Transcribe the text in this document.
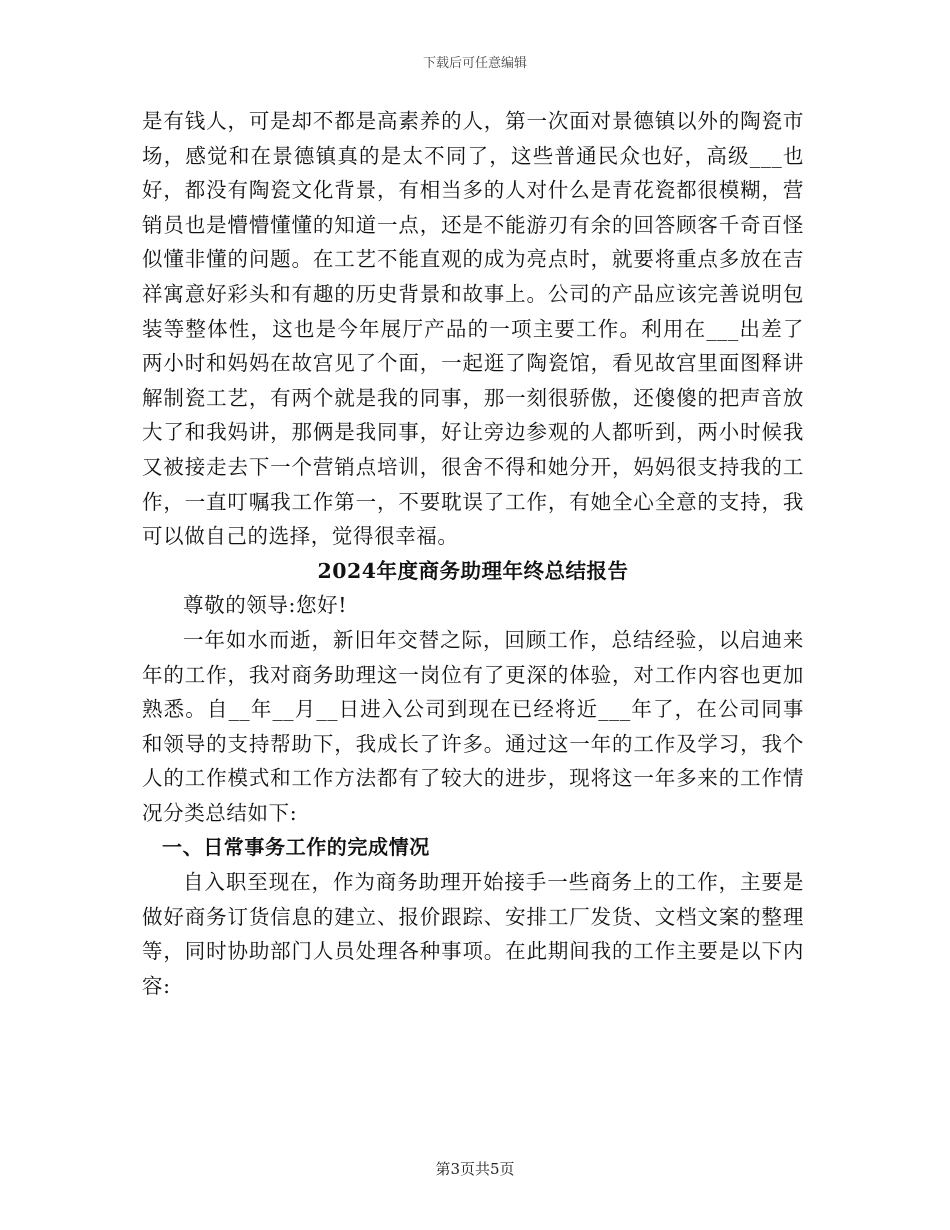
下载后可任意编辑

是有钱人，可是却不都是高素养的人，第一次面对景德镇以外的陶瓷市场，感觉和在景德镇真的是太不同了，这些普通民众也好，高级___也好，都没有陶瓷文化背景，有相当多的人对什么是青花瓷都很模糊，营销员也是懵懵懂懂的知道一点，还是不能游刃有余的回答顾客千奇百怪似懂非懂的问题。在工艺不能直观的成为亮点时，就要将重点多放在吉祥寓意好彩头和有趣的历史背景和故事上。公司的产品应该完善说明包装等整体性，这也是今年展厅产品的一项主要工作。利用在___出差了两小时和妈妈在故宫见了个面，一起逛了陶瓷馆，看见故宫里面图释讲解制瓷工艺，有两个就是我的同事，那一刻很骄傲，还傻傻的把声音放大了和我妈讲，那俩是我同事，好让旁边参观的人都听到，两小时候我又被接走去下一个营销点培训，很舍不得和她分开，妈妈很支持我的工作，一直叮嘱我工作第一，不要耽误了工作，有她全心全意的支持，我可以做自己的选择，觉得很幸福。

2024年度商务助理年终总结报告

尊敬的领导:您好!

一年如水而逝，新旧年交替之际，回顾工作，总结经验，以启迪来年的工作，我对商务助理这一岗位有了更深的体验，对工作内容也更加熟悉。自__年__月__日进入公司到现在已经将近___年了，在公司同事和领导的支持帮助下，我成长了许多。通过这一年的工作及学习，我个人的工作模式和工作方法都有了较大的进步，现将这一年多来的工作情况分类总结如下:

一、日常事务工作的完成情况

自入职至现在，作为商务助理开始接手一些商务上的工作，主要是做好商务订货信息的建立、报价跟踪、安排工厂发货、文档文案的整理等，同时协助部门人员处理各种事项。在此期间我的工作主要是以下内容:

第3页共5页
